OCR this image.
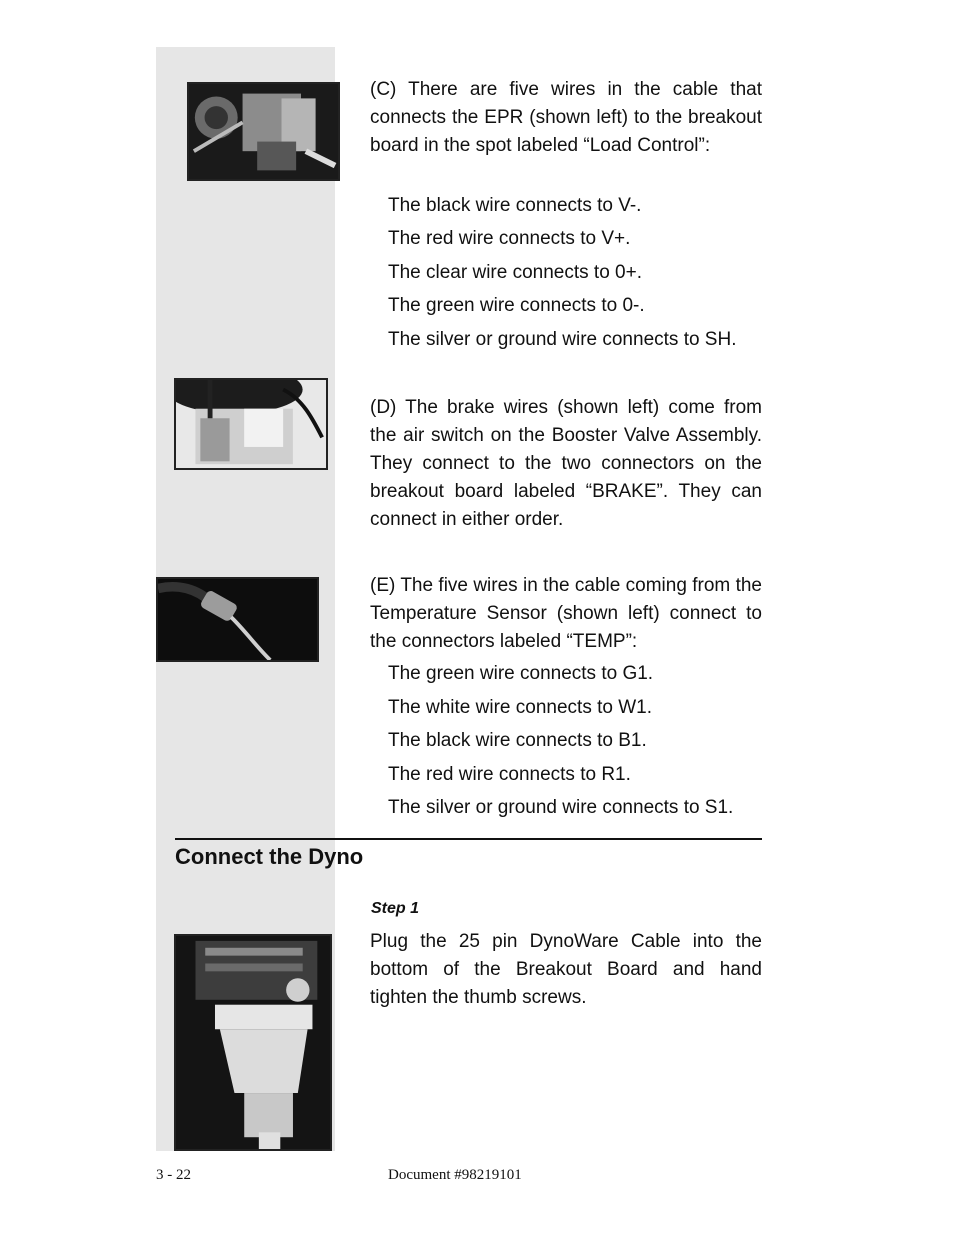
(C) There are five wires in the cable that connects the EPR (shown left) to the breakout board in the spot labeled “Load Control”:

The black wire connects to V-.

The red wire connects to V+.

The clear wire connects to 0+.

The green wire connects to 0-.

The silver or ground wire connects to SH.

(D) The brake wires (shown left) come from the air switch on the Booster Valve Assembly. They connect to the two connectors on the breakout board labeled “BRAKE”. They can connect in either order.

(E) The five wires in the cable coming from the Temperature Sensor (shown left) connect to the connectors labeled “TEMP”:

The green wire connects to G1.

The white wire connects to W1.

The black wire connects to B1.

The red wire connects to R1.

The silver or ground wire connects to S1.

Connect the Dyno

Step 1

Plug the 25 pin DynoWare Cable into the bottom of the Breakout Board and hand tighten the thumb screws.

3 - 22	Document #98219101
